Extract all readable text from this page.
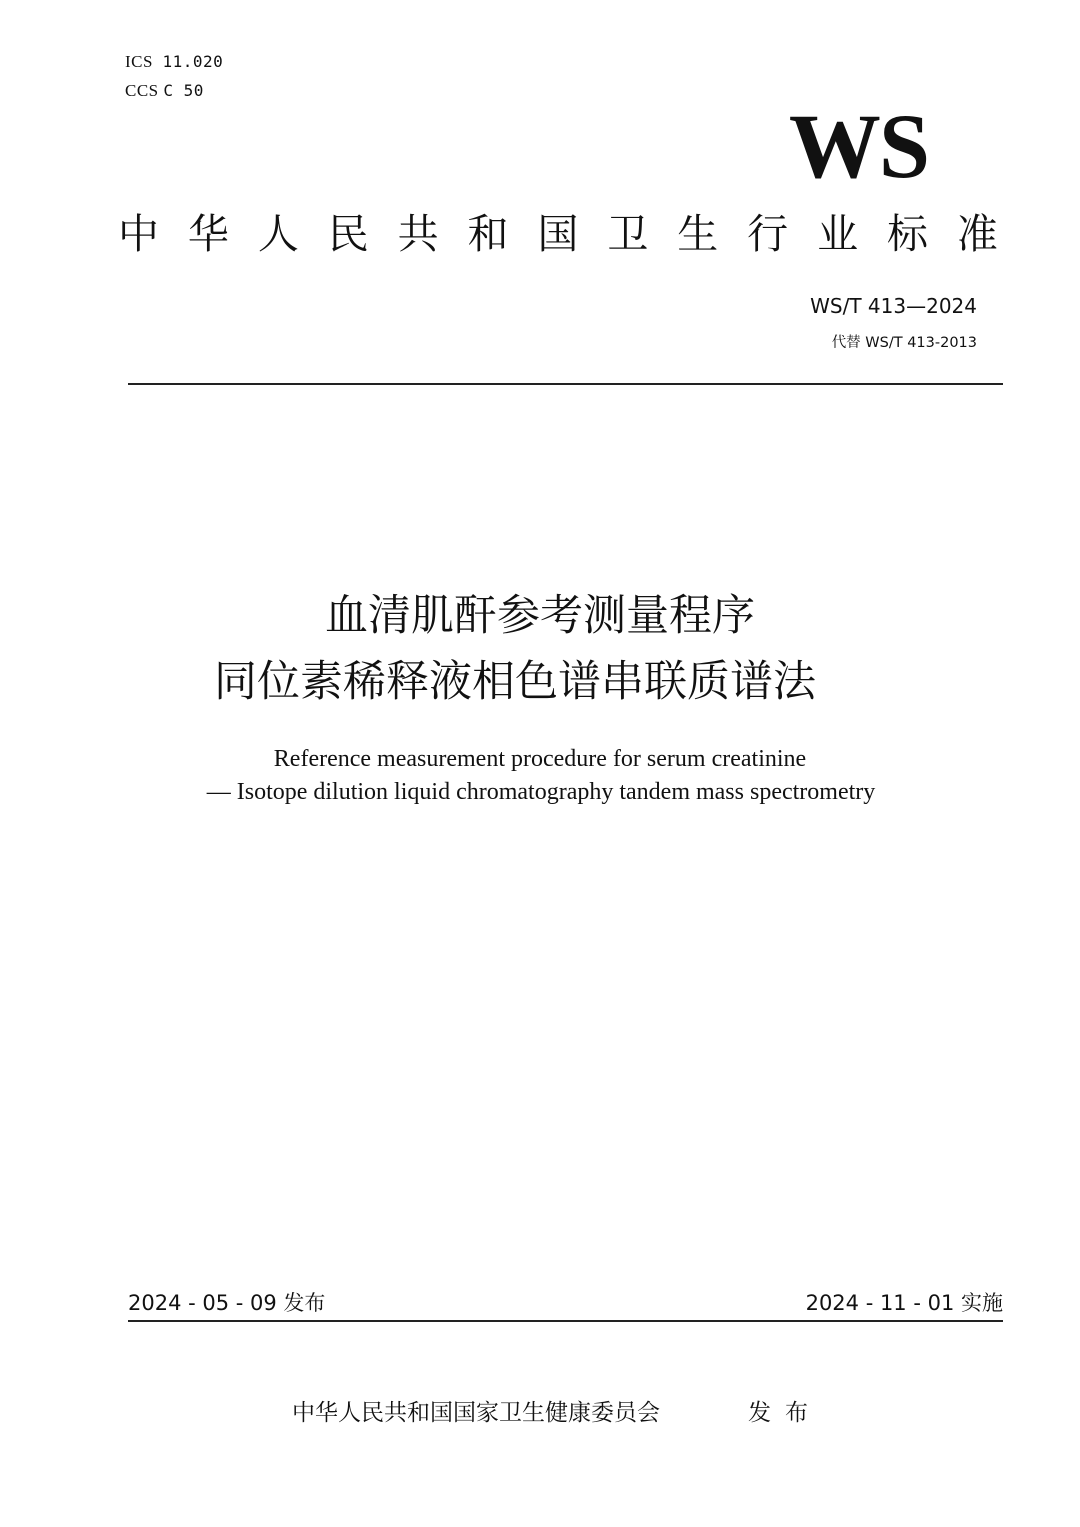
ICS 11.020
CCS C 50
WS
中 华 人 民 共 和 国 卫 生 行 业 标 准
WS/T 413—2024
代替 WS/T 413-2013
血清肌酐参考测量程序
同位素稀释液相色谱串联质谱法
Reference measurement procedure for serum creatinine
— Isotope dilution liquid chromatography tandem mass spectrometry
2024 - 05 - 09 发布	2024 - 11 - 01 实施
中华人民共和国国家卫生健康委员会	发布
